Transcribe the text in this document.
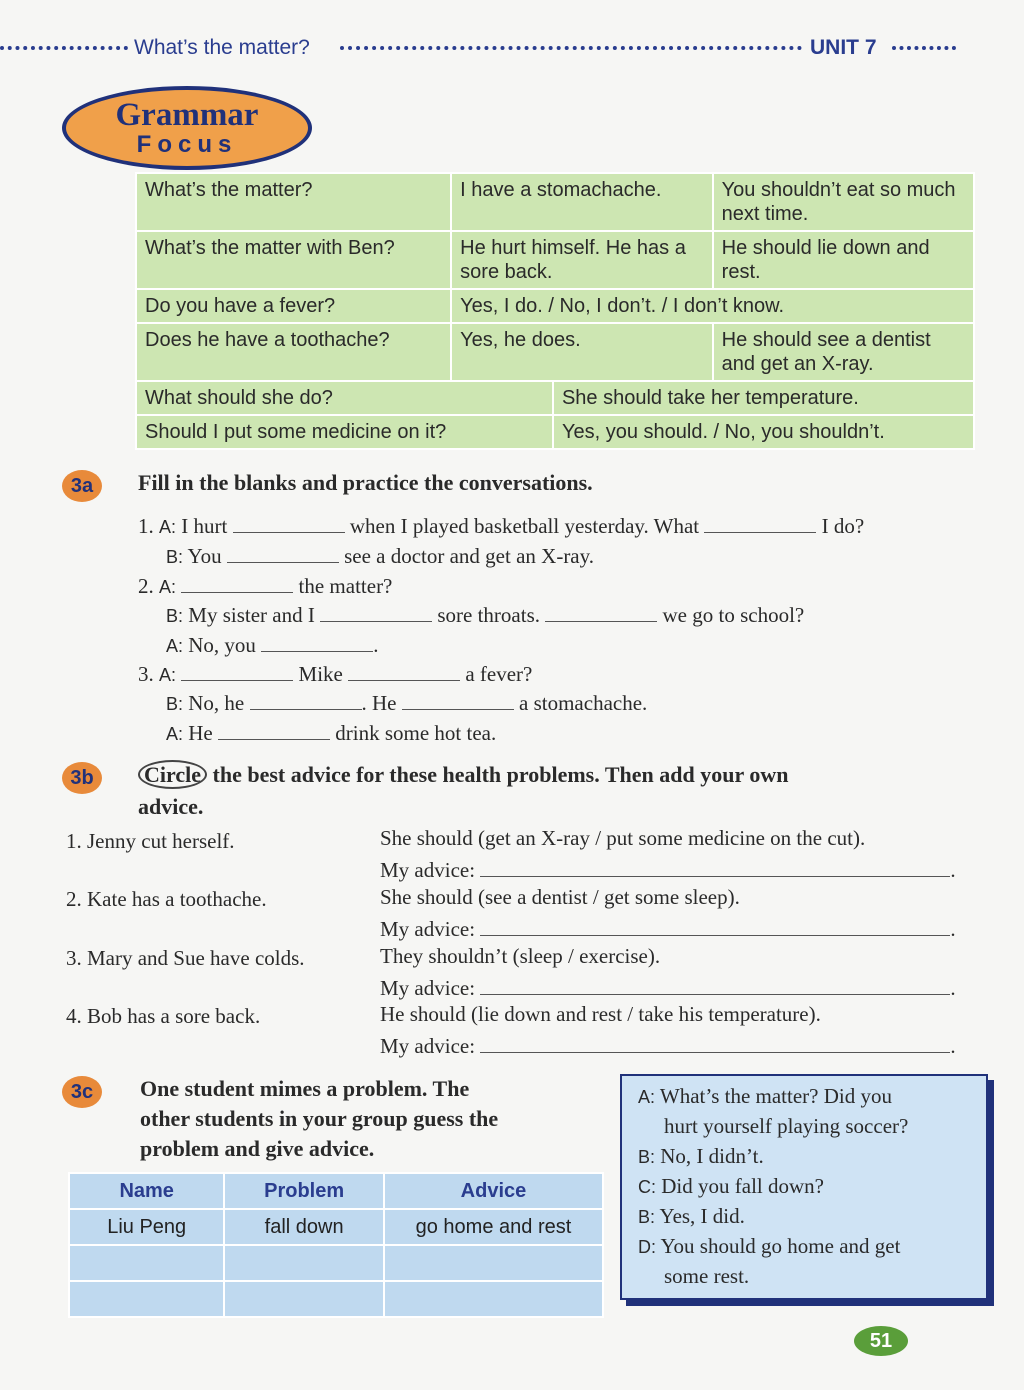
What’s the matter?	UNIT 7
Grammar
Focus
What’s the matter?	I have a stomachache.		You shouldn’t eat so much next time.
What’s the matter with Ben?	He hurt himself. He has a sore back.		He should lie down and rest.
Do you have a fever?	Yes, I do. / No, I don’t. / I don’t know.		
Does he have a toothache?	Yes, he does.		He should see a dentist and get an X-ray.
What should she do?		She should take her temperature.	
Should I put some medicine on it?		Yes, you should. / No, you shouldn’t.	
3a	Fill in the blanks and practice the conversations.
1. A: I hurt	when I played basketball yesterday. What	I do?
B: You	see a doctor and get an X-ray.
2. A:	the matter?
B: My sister and I	sore throats.	we go to school?
A: No, you	.
3. A:	Mike	a fever?
B: No, he	. He	a stomachache.
A: He	drink some hot tea.
3b	Circle the best advice for these health problems. Then add your own
advice.
1. Jenny cut herself.	She should (get an X-ray / put some medicine on the cut).
My advice:	.
2. Kate has a toothache.	She should (see a dentist / get some sleep).
My advice:	.
3. Mary and Sue have colds.	They shouldn’t (sleep / exercise).
My advice:	.
4. Bob has a sore back.	He should (lie down and rest / take his temperature).
My advice:	.
3c	One student mimes a problem. The
other students in your group guess the
problem and give advice.
Name	Problem	Advice
Liu Peng	fall down	go home and rest

A: What’s the matter? Did you
hurt yourself playing soccer?
B: No, I didn’t.
C: Did you fall down?
B: Yes, I did.
D: You should go home and get
some rest.
51
